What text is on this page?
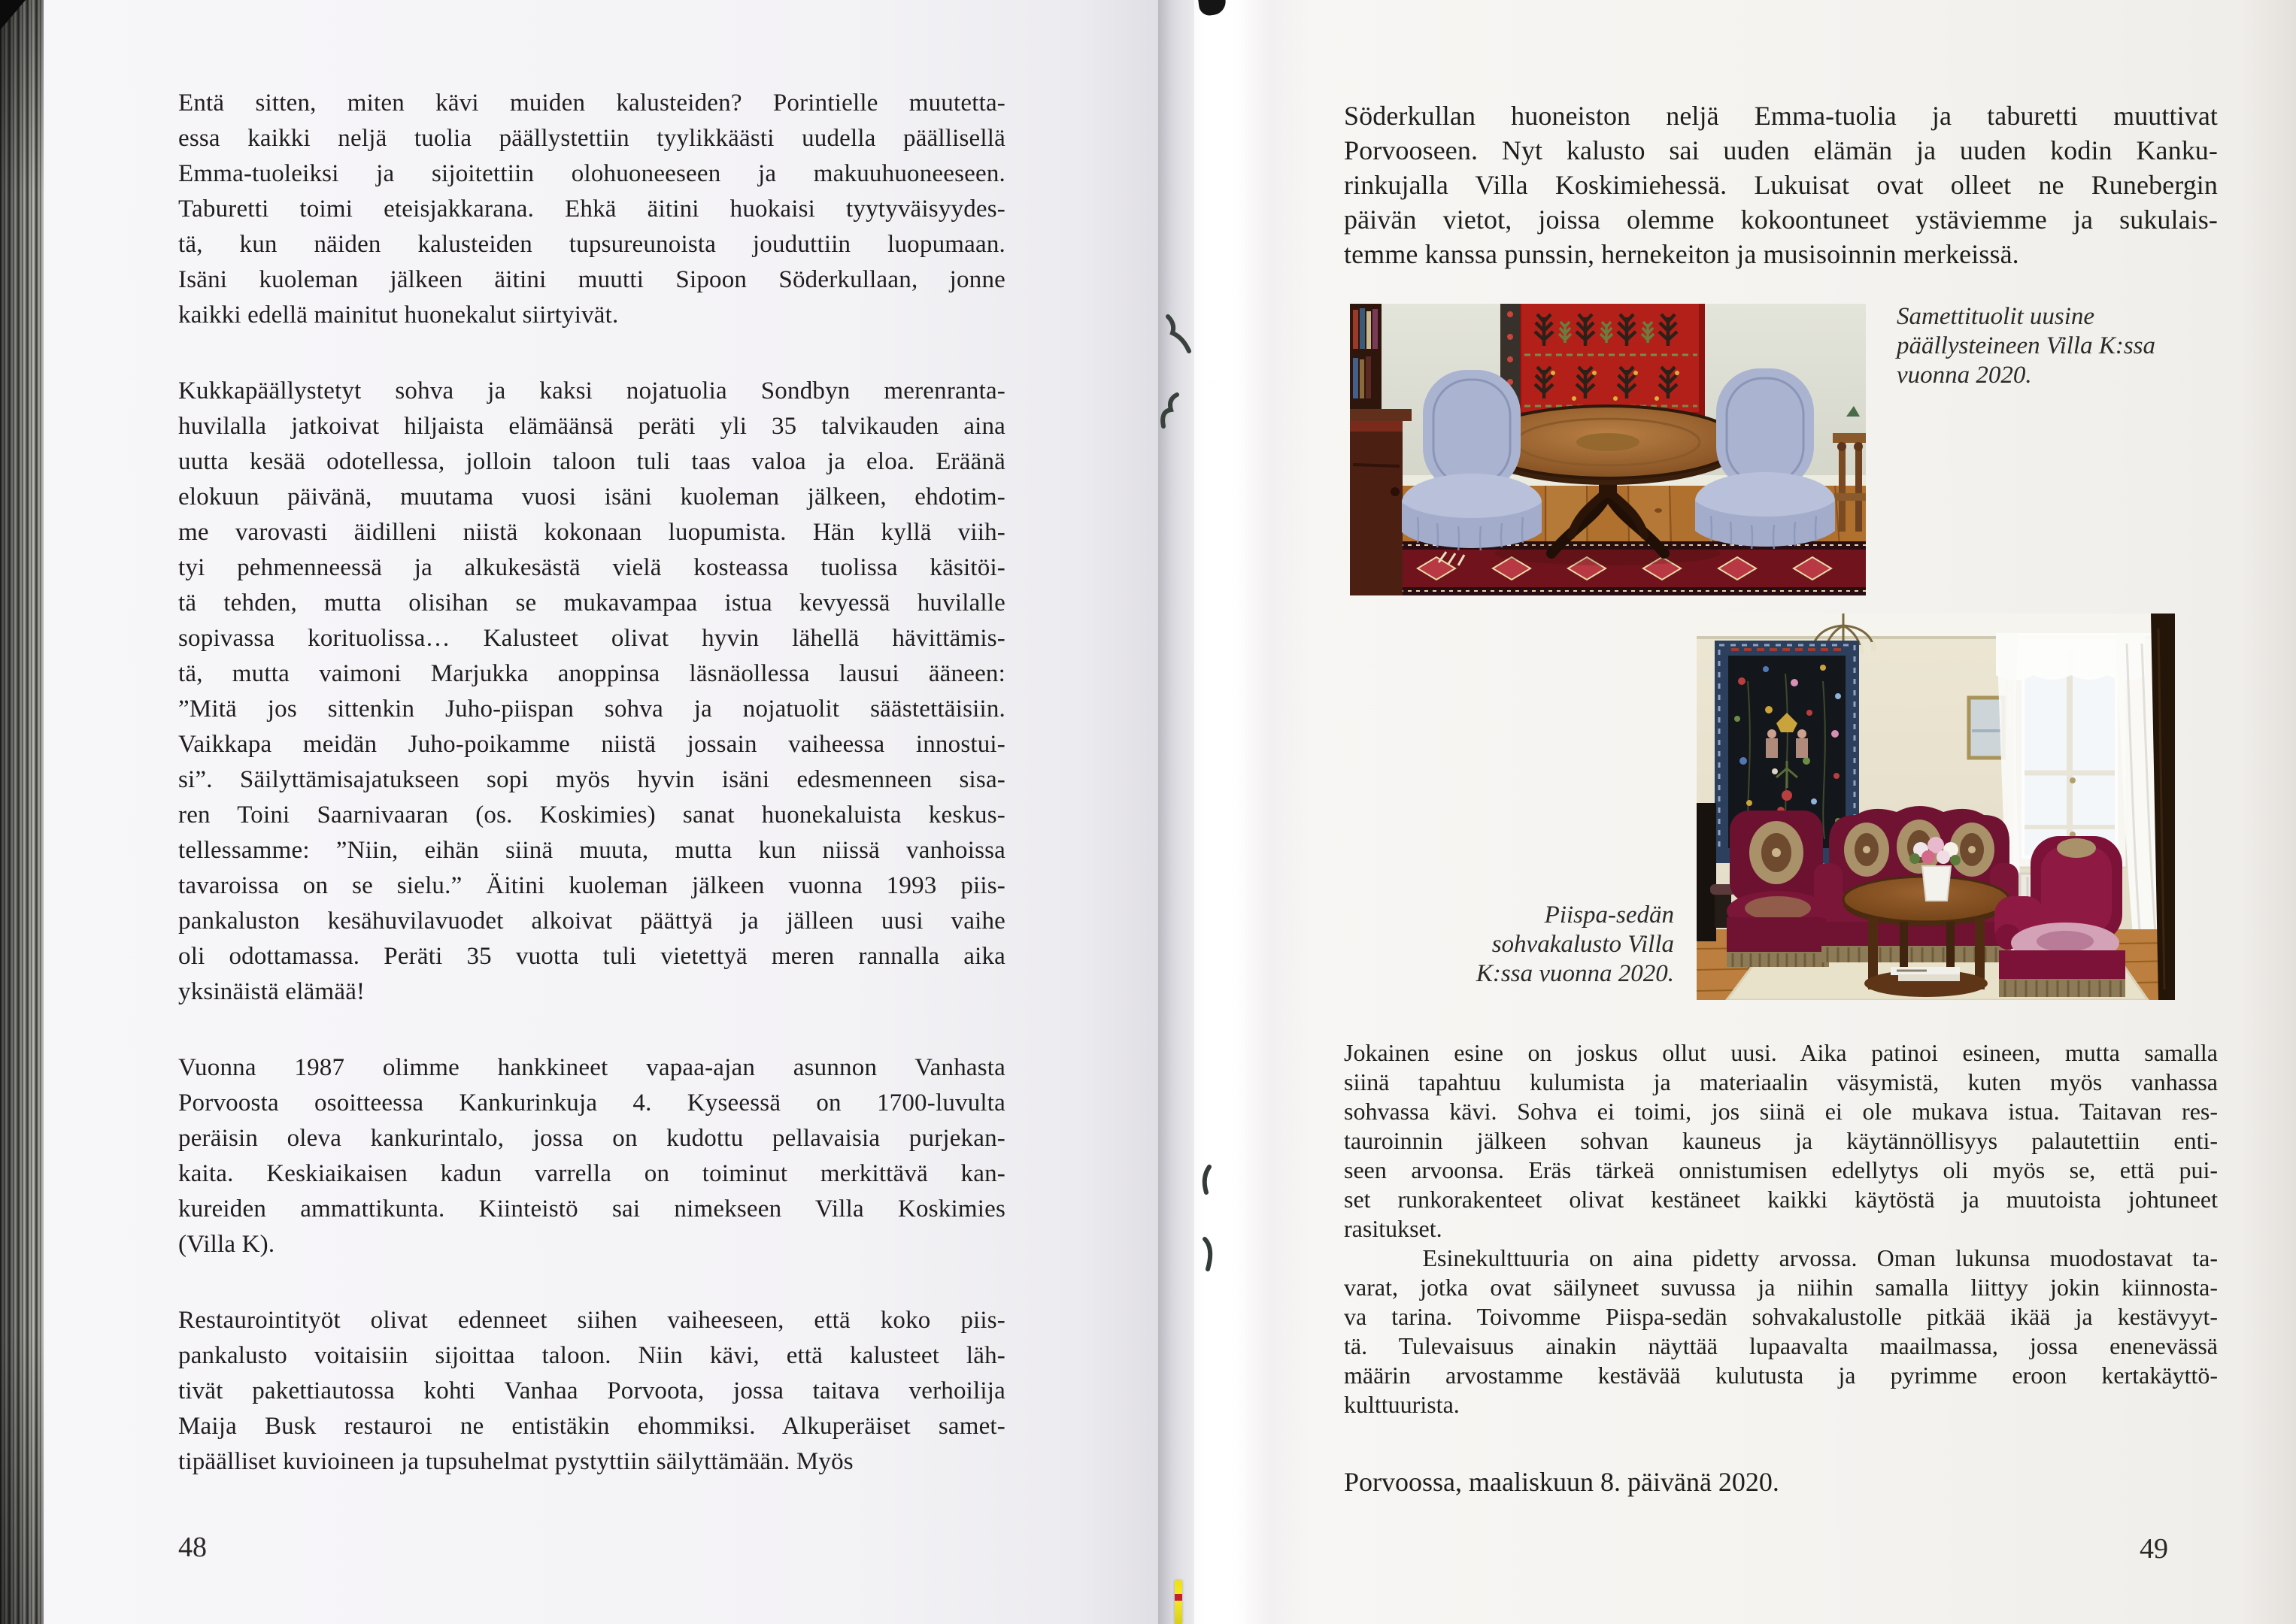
Entä sitten, miten kävi muiden kalusteiden? Porintielle muutetta-
essa kaikki neljä tuolia päällystettiin tyylikkäästi uudella päällisellä
Emma-tuoleiksi ja sijoitettiin olohuoneeseen ja makuuhuoneeseen.
Taburetti toimi eteisjakkarana. Ehkä äitini huokaisi tyytyväisyydes-
tä, kun näiden kalusteiden tupsureunoista jouduttiin luopumaan.
Isäni kuoleman jälkeen äitini muutti Sipoon Söderkullaan, jonne
kaikki edellä mainitut huonekalut siirtyivät.
Kukkapäällystetyt sohva ja kaksi nojatuolia Sondbyn merenranta-
huvilalla jatkoivat hiljaista elämäänsä peräti yli 35 talvikauden aina
uutta kesää odotellessa, jolloin taloon tuli taas valoa ja eloa. Eräänä
elokuun päivänä, muutama vuosi isäni kuoleman jälkeen, ehdotim-
me varovasti äidilleni niistä kokonaan luopumista. Hän kyllä viih-
tyi pehmenneessä ja alkukesästä vielä kosteassa tuolissa käsitöi-
tä tehden, mutta olisihan se mukavampaa istua kevyessä huvilalle
sopivassa korituolissa… Kalusteet olivat hyvin lähellä hävittämis-
tä, mutta vaimoni Marjukka anoppinsa läsnäollessa lausui ääneen:
”Mitä jos sittenkin Juho-piispan sohva ja nojatuolit säästettäisiin.
Vaikkapa meidän Juho-poikamme niistä jossain vaiheessa innostui-
si”. Säilyttämisajatukseen sopi myös hyvin isäni edesmenneen sisa-
ren Toini Saarnivaaran (os. Koskimies) sanat huonekaluista keskus-
tellessamme: ”Niin, eihän siinä muuta, mutta kun niissä vanhoissa
tavaroissa on se sielu.” Äitini kuoleman jälkeen vuonna 1993 piis-
pankaluston kesähuvilavuodet alkoivat päättyä ja jälleen uusi vaihe
oli odottamassa. Peräti 35 vuotta tuli vietettyä meren rannalla aika
yksinäistä elämää!
Vuonna 1987 olimme hankkineet vapaa-ajan asunnon Vanhasta
Porvoosta osoitteessa Kankurinkuja 4. Kyseessä on 1700-luvulta
peräisin oleva kankurintalo, jossa on kudottu pellavaisia purjekan-
kaita. Keskiaikaisen kadun varrella on toiminut merkittävä kan-
kureiden ammattikunta. Kiinteistö sai nimekseen Villa Koskimies
(Villa K).
Restaurointityöt olivat edenneet siihen vaiheeseen, että koko piis-
pankalusto voitaisiin sijoittaa taloon. Niin kävi, että kalusteet läh-
tivät pakettiautossa kohti Vanhaa Porvoota, jossa taitava verhoilija
Maija Busk restauroi ne entistäkin ehommiksi. Alkuperäiset samet-
tipäälliset kuvioineen ja tupsuhelmat pystyttiin säilyttämään. Myös
48
Söderkullan huoneiston neljä Emma-tuolia ja taburetti muuttivat
Porvooseen. Nyt kalusto sai uuden elämän ja uuden kodin Kanku-
rinkujalla Villa Koskimiehessä. Lukuisat ovat olleet ne Runebergin
päivän vietot, joissa olemme kokoontuneet ystäviemme ja sukulais-
temme kanssa punssin, hernekeiton ja musisoinnin merkeissä.
Samettituolit uusine
päällysteineen Villa K:ssa
vuonna 2020.
Piispa-sedän
sohvakalusto Villa
K:ssa vuonna 2020.
Jokainen esine on joskus ollut uusi. Aika patinoi esineen, mutta samalla
siinä tapahtuu kulumista ja materiaalin väsymistä, kuten myös vanhassa
sohvassa kävi. Sohva ei toimi, jos siinä ei ole mukava istua. Taitavan res-
tauroinnin jälkeen sohvan kauneus ja käytännöllisyys palautettiin enti-
seen arvoonsa. Eräs tärkeä onnistumisen edellytys oli myös se, että pui-
set runkorakenteet olivat kestäneet kaikki käytöstä ja muutoista johtuneet
rasitukset.
Esinekulttuuria on aina pidetty arvossa. Oman lukunsa muodostavat ta-
varat, jotka ovat säilyneet suvussa ja niihin samalla liittyy jokin kiinnosta-
va tarina. Toivomme Piispa-sedän sohvakalustolle pitkää ikää ja kestävyyt-
tä. Tulevaisuus ainakin näyttää lupaavalta maailmassa, jossa enenevässä
määrin arvostamme kestävää kulutusta ja pyrimme eroon kertakäyttö-
kulttuurista.
Porvoossa, maaliskuun 8. päivänä 2020.
49
